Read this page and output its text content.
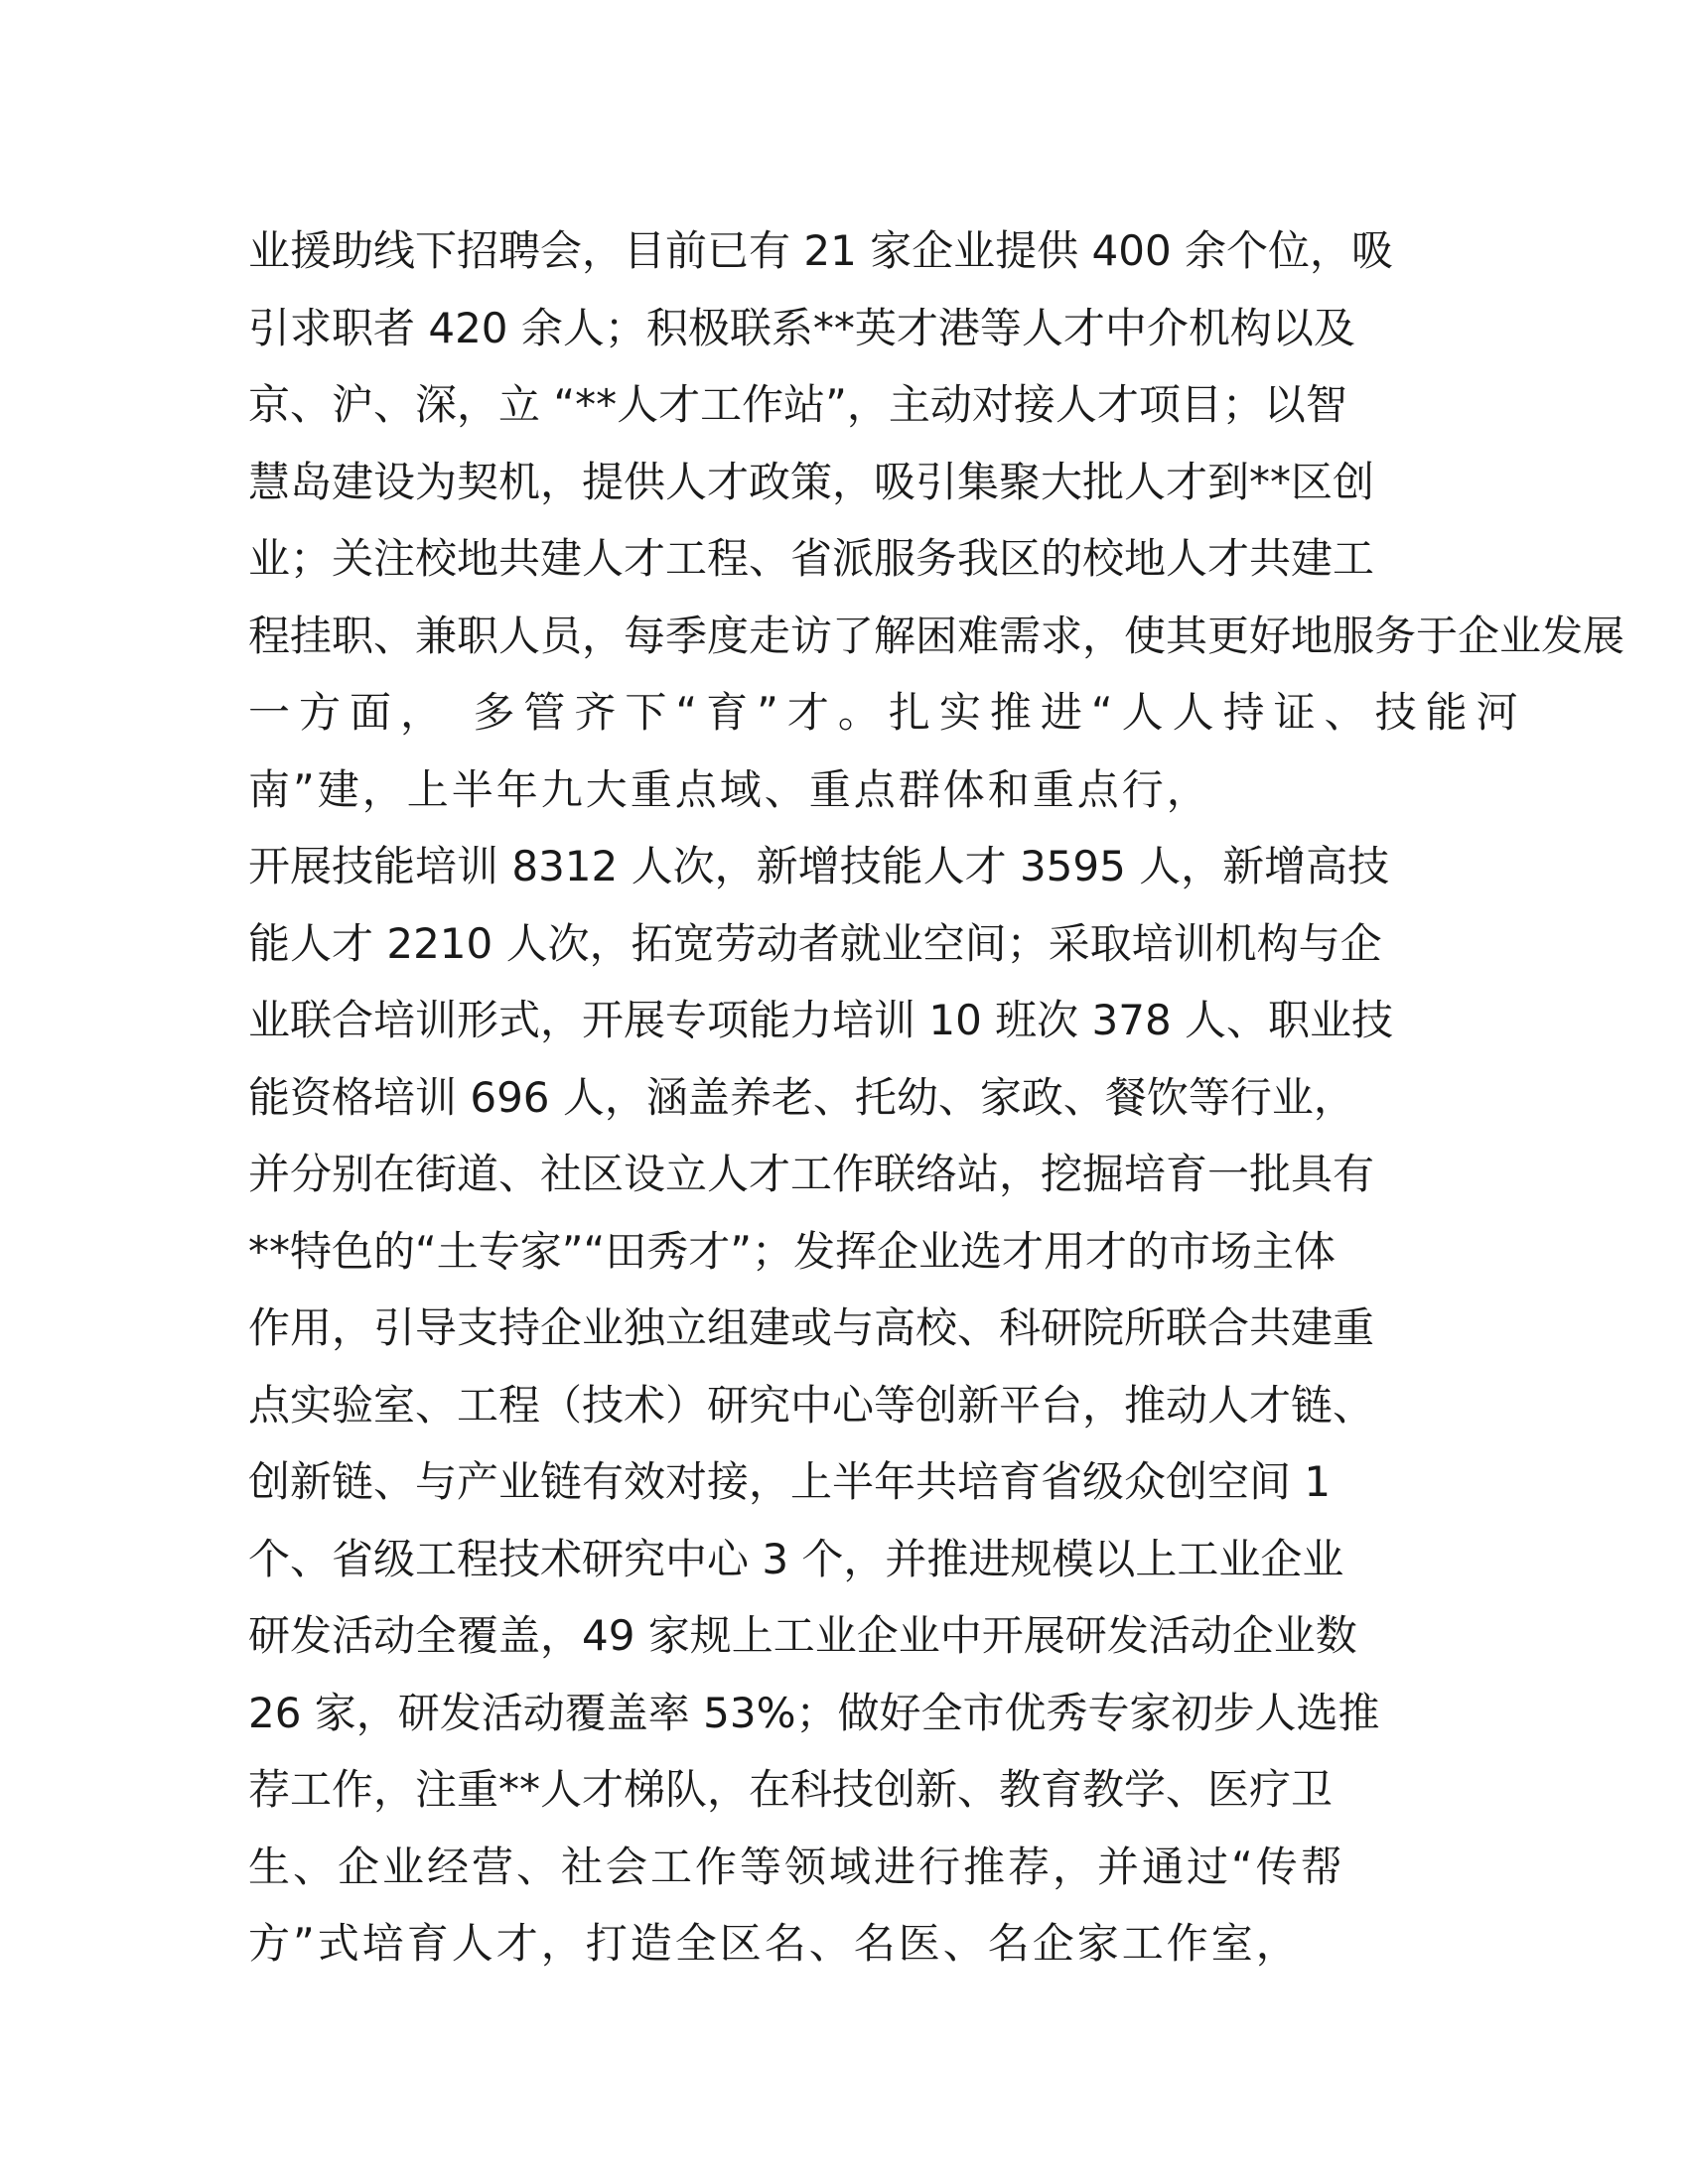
业援助线下招聘会，目前已有 21 家企业提供 400 余个位，吸
引求职者 420 余人；积极联系**英才港等人才中介机构以及
京、沪、深，立 “**人才工作站”，主动对接人才项目；以智
慧岛建设为契机，提供人才政策，吸引集聚大批人才到**区创
业；关注校地共建人才工程、省派服务我区的校地人才共建工
程挂职、兼职人员，每季度走访了解困难需求，使其更好地服务于企业发展
一方面， 多管齐下“育”才。扎实推进“人人持证、技能河
南”建，上半年九大重点域、重点群体和重点行，
开展技能培训 8312 人次，新增技能人才 3595 人，新增高技
能人才 2210 人次，拓宽劳动者就业空间；采取培训机构与企
业联合培训形式，开展专项能力培训 10 班次 378 人、职业技
能资格培训 696 人，涵盖养老、托幼、家政、餐饮等行业，
并分别在街道、社区设立人才工作联络站，挖掘培育一批具有
**特色的“土专家”“田秀才”；发挥企业选才用才的市场主体
作用，引导支持企业独立组建或与高校、科研院所联合共建重
点实验室、工程（技术）研究中心等创新平台，推动人才链、
创新链、与产业链有效对接，上半年共培育省级众创空间 1
个、省级工程技术研究中心 3 个，并推进规模以上工业企业
研发活动全覆盖，49 家规上工业企业中开展研发活动企业数
26 家，研发活动覆盖率 53%；做好全市优秀专家初步人选推
荐工作，注重**人才梯队，在科技创新、教育教学、医疗卫
生、企业经营、社会工作等领域进行推荐，并通过“传帮
方”式培育人才，打造全区名、名医、名企家工作室，
